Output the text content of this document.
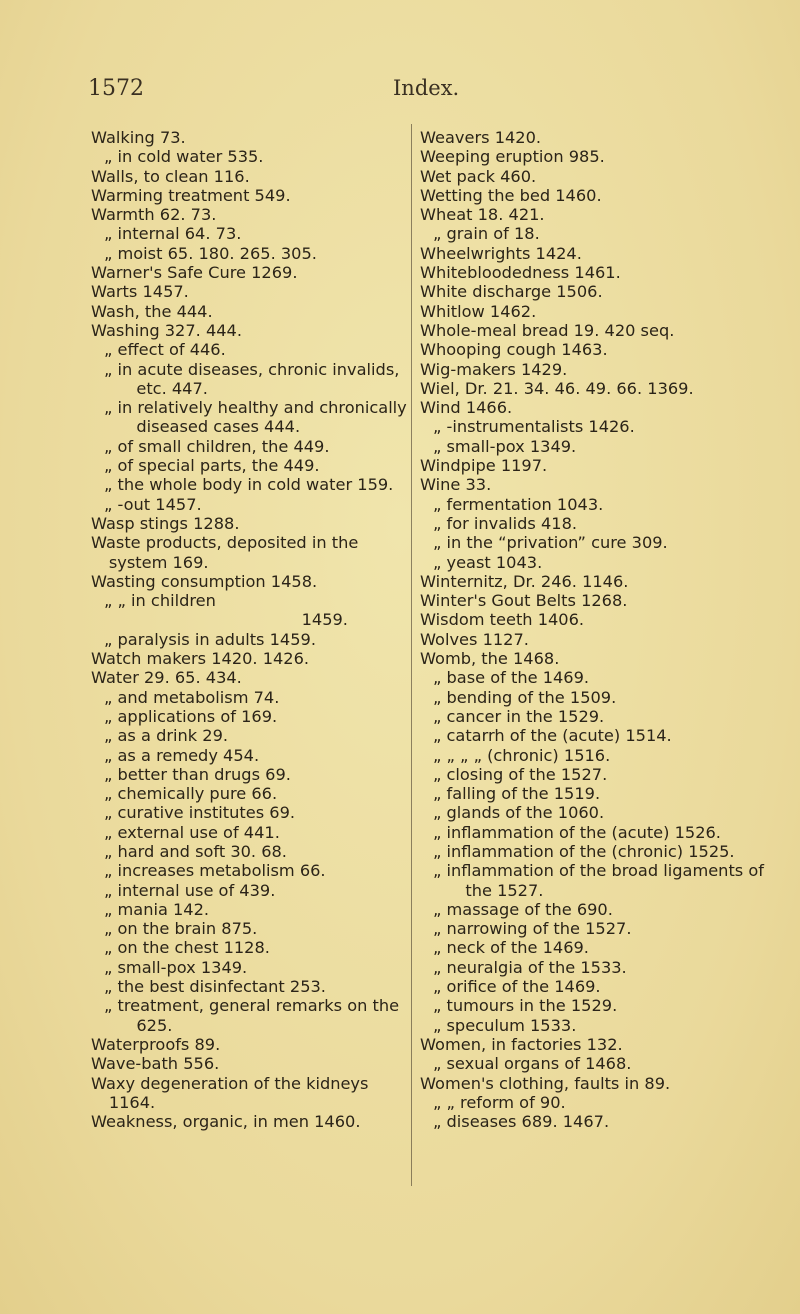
1572	Index.

Walking 73.

„ in cold water 535.

Walls, to clean 116.

Warming treatment 549.

Warmth 62. 73.

„ internal 64. 73.

„ moist 65. 180. 265. 305.

Warner's Safe Cure 1269.

Warts 1457.

Wash, the 444.

Washing 327. 444.

„ effect of 446.

„ in acute diseases, chronic invalids, etc. 447.

„ in relatively healthy and chronically diseased cases 444.

„ of small children, the 449.

„ of special parts, the 449.

„ the whole body in cold water 159.

„ -out 1457.

Wasp stings 1288.

Waste products, deposited in the system 169.

Wasting consumption 1458.

„ „ in children

1459.

„ paralysis in adults 1459.

Watch makers 1420. 1426.

Water 29. 65. 434.

„ and metabolism 74.

„ applications of 169.

„ as a drink 29.

„ as a remedy 454.

„ better than drugs 69.

„ chemically pure 66.

„ curative institutes 69.

„ external use of 441.

„ hard and soft 30. 68.

„ increases metabolism 66.

„ internal use of 439.

„ mania 142.

„ on the brain 875.

„ on the chest 1128.

„ small-pox 1349.

„ the best disinfectant 253.

„ treatment, general remarks on the 625.

Waterproofs 89.

Wave-bath 556.

Waxy degeneration of the kidneys 1164.

Weakness, organic, in men 1460.

Weavers 1420.

Weeping eruption 985.

Wet pack 460.

Wetting the bed 1460.

Wheat 18. 421.

„ grain of 18.

Wheelwrights 1424.

Whitebloodedness 1461.

White discharge 1506.

Whitlow 1462.

Whole-meal bread 19. 420 seq.

Whooping cough 1463.

Wig-makers 1429.

Wiel, Dr. 21. 34. 46. 49. 66. 1369.

Wind 1466.

„ -instrumentalists 1426.

„ small-pox 1349.

Windpipe 1197.

Wine 33.

„ fermentation 1043.

„ for invalids 418.

„ in the “privation” cure 309.

„ yeast 1043.

Winternitz, Dr. 246. 1146.

Winter's Gout Belts 1268.

Wisdom teeth 1406.

Wolves 1127.

Womb, the 1468.

„ base of the 1469.

„ bending of the 1509.

„ cancer in the 1529.

„ catarrh of the (acute) 1514.

„ „ „ „ (chronic) 1516.

„ closing of the 1527.

„ falling of the 1519.

„ glands of the 1060.

„ inflammation of the (acute) 1526.

„ inflammation of the (chronic) 1525.

„ inflammation of the broad ligaments of the 1527.

„ massage of the 690.

„ narrowing of the 1527.

„ neck of the 1469.

„ neuralgia of the 1533.

„ orifice of the 1469.

„ tumours in the 1529.

„ speculum 1533.

Women, in factories 132.

„ sexual organs of 1468.

Women's clothing, faults in 89.

„ „ reform of 90.

„ diseases 689. 1467.
